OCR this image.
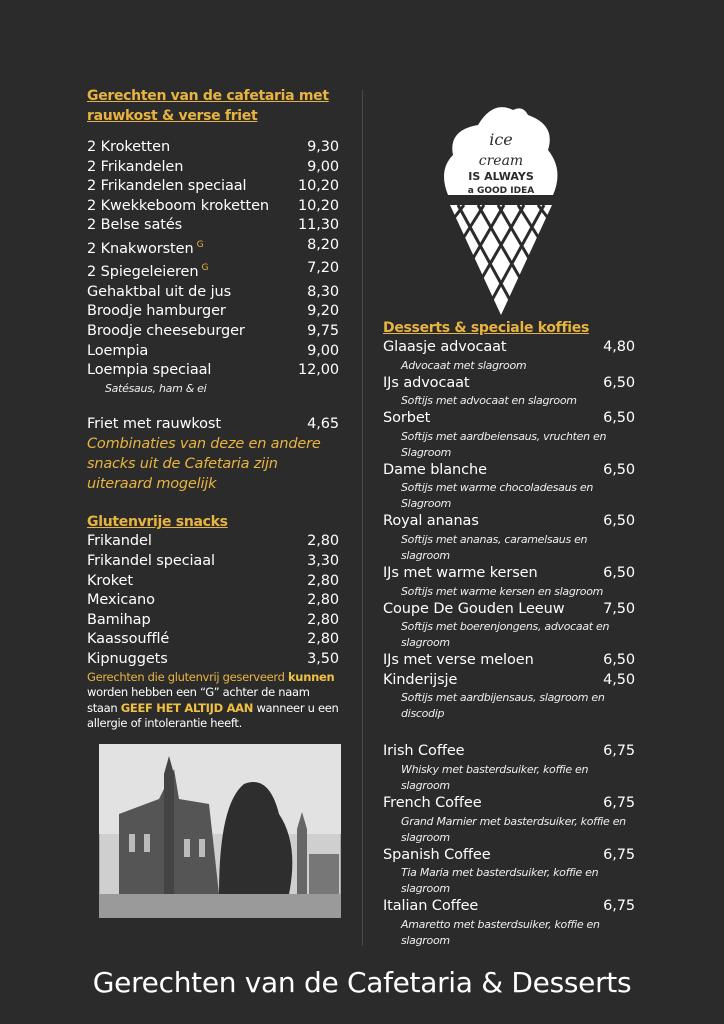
Gerechten van de cafetaria met
rauwkost & verse friet
2 Kroketten	9,30
2 Frikandelen	9,00
2 Frikandelen speciaal	10,20
2 Kwekkeboom kroketten 10,20
2 Belse satés	11,30
2 Knakworsten $^G$	8,20
2 Spiegeleieren $^G$	7,20
Gehaktbal uit de jus	8,30
Broodje hamburger	9,20
Broodje cheeseburger	9,75
Loempia	9,00
Loempia speciaal	12,00
Satésaus, ham & ei
Friet met rauwkost	4,65
Combinaties van deze en andere snacks uit de Cafetaria zijn uiteraard mogelijk
Glutenvrije snacks
Frikandel	2,80
Frikandel speciaal	3,30
Kroket	2,80
Mexicano	2,80
Bamihap	2,80
Kaassoufflé	2,80
Kipnuggets	3,50
Gerechten die glutenvrij geserveerd kunnen worden hebben een “G” achter de naam staan GEEF HET ALTIJD AAN wanneer u een allergie of intolerantie heeft.
ice
cream
IS ALWAYS
a GOOD IDEA
Desserts & speciale koffies
Glaasje advocaat	4,80
Advocaat met slagroom
IJs advocaat	6,50
Softijs met advocaat en slagroom
Sorbet	6,50
Softijs met aardbeiensaus, vruchten en Slagroom
Dame blanche	6,50
Softijs met warme chocoladesaus en Slagroom
Royal ananas	6,50
Softijs met ananas, caramelsaus en slagroom
IJs met warme kersen	6,50
Softijs met warme kersen en slagroom
Coupe De Gouden Leeuw	7,50
Softijs met boerenjongens, advocaat en slagroom
IJs met verse meloen	6,50
Kinderijsje	4,50
Softijs met aardbijensaus, slagroom en discodip
Irish Coffee	6,75
Whisky met basterdsuiker, koffie en slagroom
French Coffee	6,75
Grand Marnier met basterdsuiker, koffie en slagroom
Spanish Coffee	6,75
Tia Maria met basterdsuiker, koffie en slagroom
Italian Coffee	6,75
Amaretto met basterdsuiker, koffie en slagroom
Gerechten van de Cafetaria & Desserts
